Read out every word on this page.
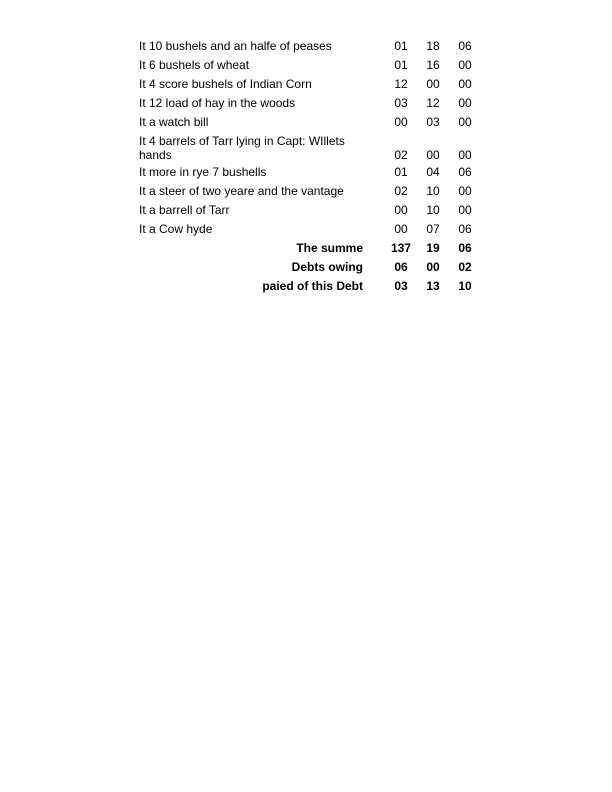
It 10 bushels and an halfe of peases	01	18	06
It 6 bushels of wheat	01	16	00
It 4 score bushels of Indian Corn	12	00	00
It 12 load of hay in the woods	03	12	00
It a watch bill	00	03	00
It 4 barrels of Tarr lying in Capt: WIllets hands	02	00	00
It more in rye 7 bushells	01	04	06
It a steer of two yeare and the vantage	02	10	00
It a barrell of Tarr	00	10	00
It a Cow hyde	00	07	06
The summe 137	19	06
Debts owing	06	00	02
paied of this Debt	03	13	10
